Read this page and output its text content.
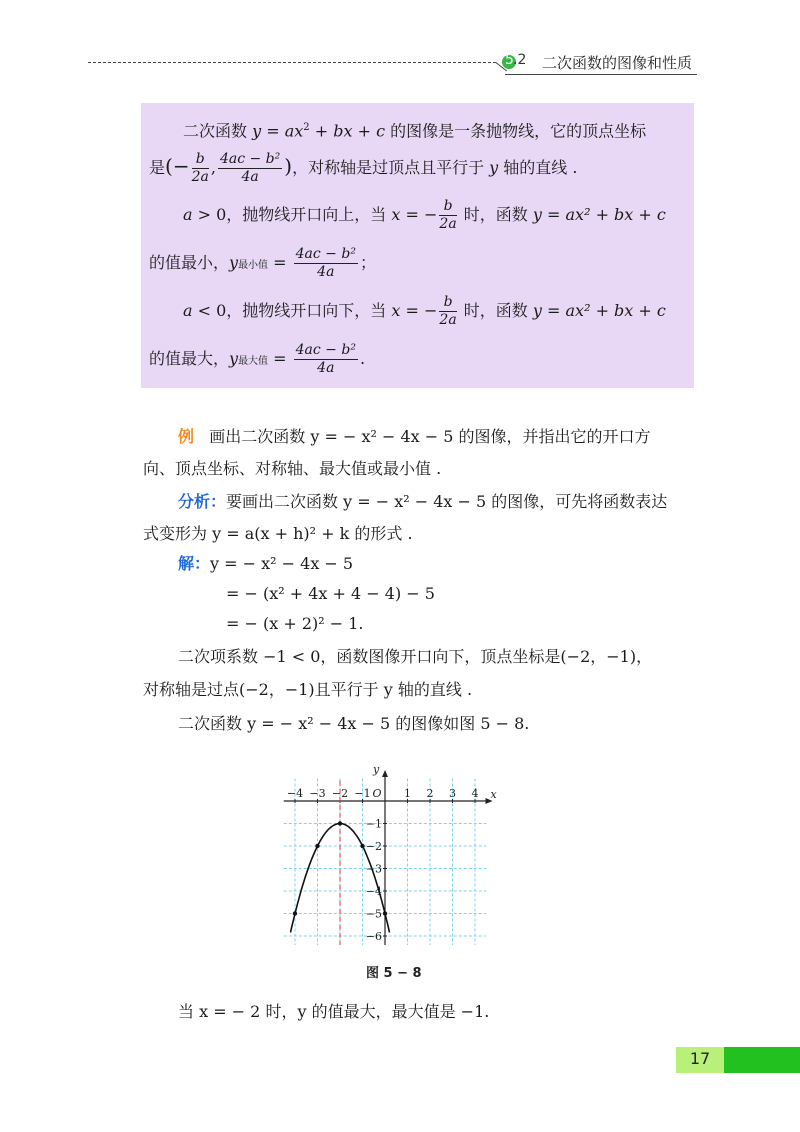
5
.2 二次函数的图像和性质
二次函数 $y = ax^2$ + bx + c 的图像是一条抛物线，它的顶点坐标
是(− $\frac{b}{2a}$ , $\frac{\text{4ac − b²}}{4a}$ )，对称轴是过顶点且平行于 y 轴的直线 .
a > 0，抛物线开口向上，当 x = − $\frac{b}{2a}$ 时，函数 y = ax² + bx + c
的值最小，y最小值 = $\frac{\text{4ac − b²}}{4a}$ ；
a < 0，抛物线开口向下，当 x = − $\frac{b}{2a}$ 时，函数 y = ax² + bx + c
的值最大，y最大值 = $\frac{\text{4ac − b²}}{4a}$ .
例 画出二次函数 y = − x² − 4x − 5 的图像，并指出它的开口方
向、顶点坐标、对称轴、最大值或最小值 .
分析：要画出二次函数 y = − x² − 4x − 5 的图像，可先将函数表达
式变形为 y = a(x + h)² + k 的形式 .
解：y = − x² − 4x − 5
= − (x² + 4x + 4 − 4) − 5
= − (x + 2)² − 1.
二次项系数 −1 < 0，函数图像开口向下，顶点坐标是(−2，−1)，
对称轴是过点(−2，−1)且平行于 y 轴的直线 .
二次函数 y = − x² − 4x − 5 的图像如图 5 − 8.
x
y
−4 −3 −2 −1 O 1 2 3 4
−1
−2
−3
−4
−5
−6
图 5 − 8
当 x = − 2 时，y 的值最大，最大值是 −1.
17
